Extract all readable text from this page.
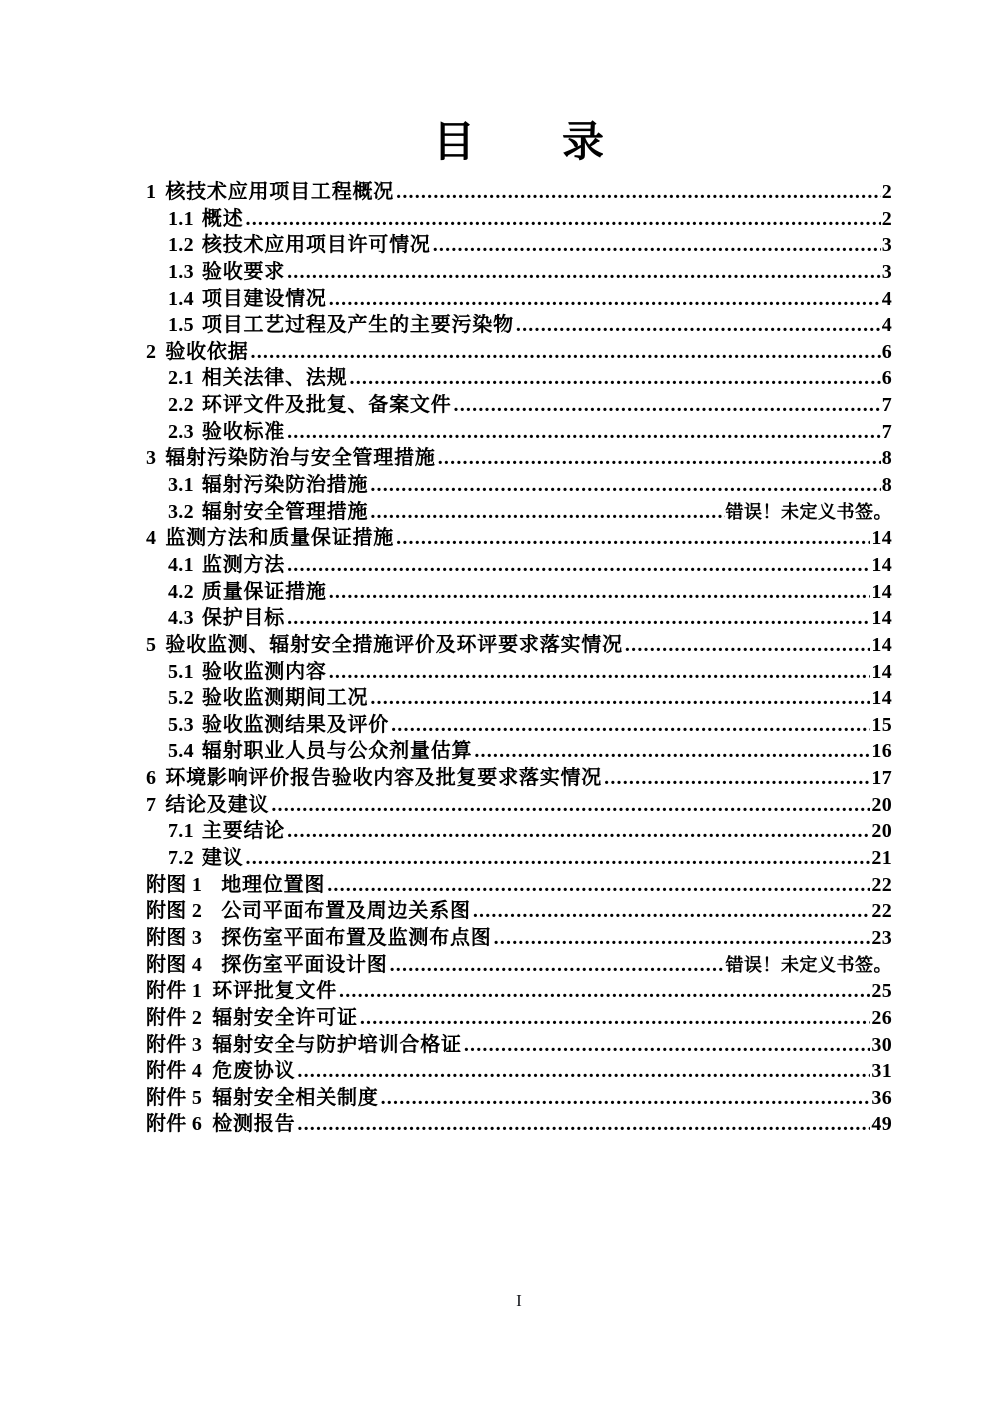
目　　录
1 核技术应用项目工程概况 .....	2
1.1 概述 .....	2
1.2 核技术应用项目许可情况 .....	3
1.3 验收要求 .....	3
1.4 项目建设情况 .....	4
1.5 项目工艺过程及产生的主要污染物 .....	4
2 验收依据 .....	6
2.1 相关法律、法规 .....	6
2.2 环评文件及批复、备案文件 .....	7
2.3 验收标准 .....	7
3 辐射污染防治与安全管理措施 .....	8
3.1 辐射污染防治措施 .....	8
3.2 辐射安全管理措施 .....	错误！未定义书签。
4 监测方法和质量保证措施 .....	14
4.1 监测方法 .....	14
4.2 质量保证措施 .....	14
4.3 保护目标 .....	14
5 验收监测、辐射安全措施评价及环评要求落实情况 .....	14
5.1 验收监测内容 .....	14
5.2 验收监测期间工况 .....	14
5.3 验收监测结果及评价 .....	15
5.4 辐射职业人员与公众剂量估算 .....	16
6 环境影响评价报告验收内容及批复要求落实情况 .....	17
7 结论及建议 .....	20
7.1 主要结论 .....	20
7.2 建议 .....	21
附图 1 地理位置图 .....	22
附图 2 公司平面布置及周边关系图 .....	22
附图 3 探伤室平面布置及监测布点图 .....	23
附图 4 探伤室平面设计图 .....	错误！未定义书签。
附件 1 环评批复文件 .....	25
附件 2 辐射安全许可证 .....	26
附件 3 辐射安全与防护培训合格证 .....	30
附件 4 危废协议 .....	31
附件 5 辐射安全相关制度 .....	36
附件 6 检测报告 .....	49
I
